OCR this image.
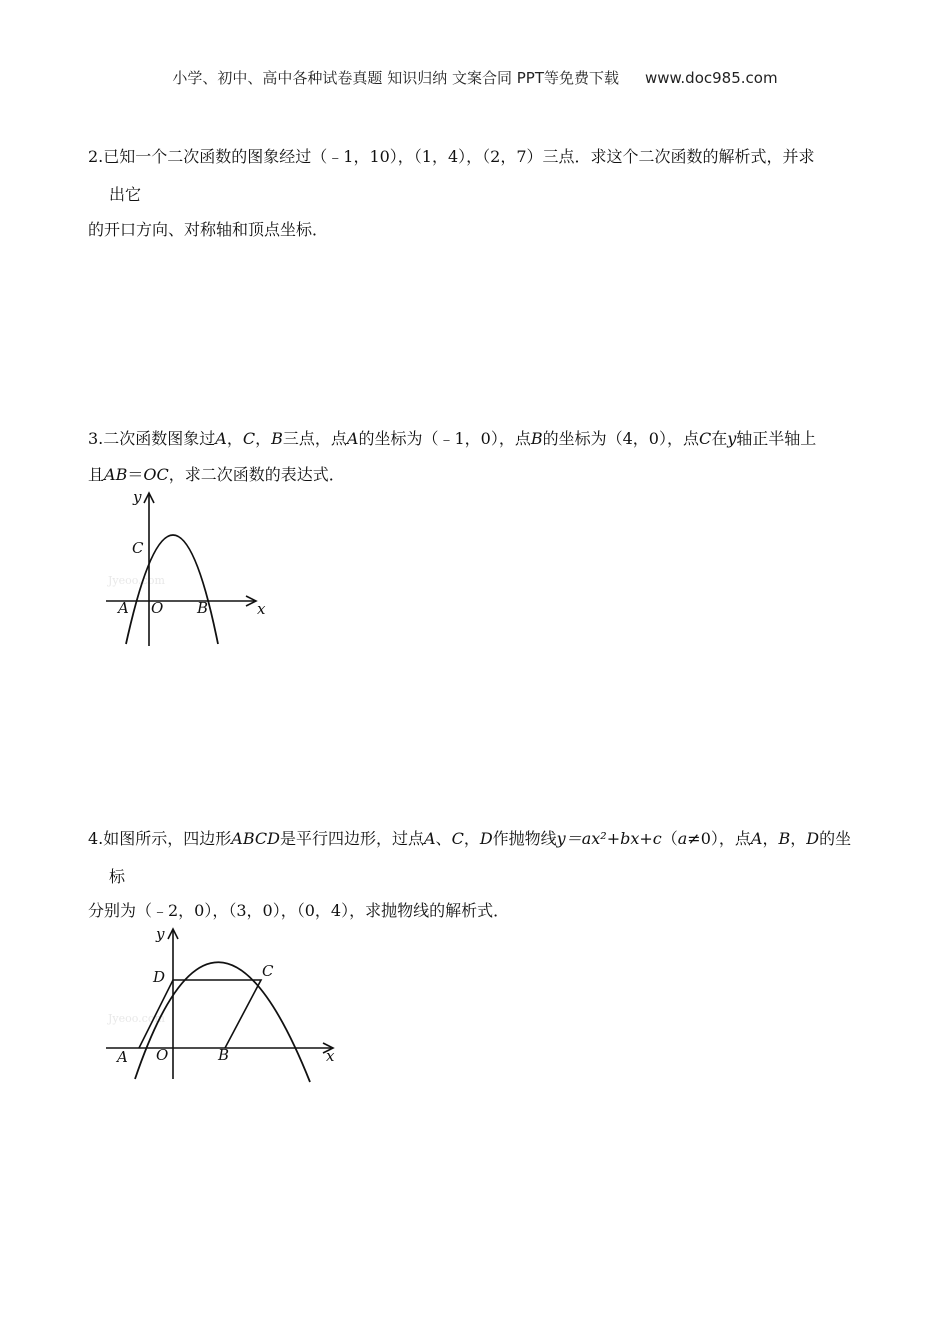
小学、初中、高中各种试卷真题 知识归纳 文案合同 PPT等免费下载 www.doc985.com
2.已知一个二次函数的图象经过（﹣1，10），（1，4），（2，7）三点．求这个二次函数的解析式，并求
出它
的开口方向、对称轴和顶点坐标．
3.二次函数图象过A，C，B三点，点A的坐标为（﹣1，0），点B的坐标为（4，0），点C在y轴正半轴上
且AB＝OC，求二次函数的表达式．
Jyeoo.com
y
x
C
A O B
4.如图所示，四边形ABCD是平行四边形，过点A、C，D作抛物线y＝ax²+bx+c（a≠0），点A，B，D的坐
标
分别为（﹣2，0），（3，0），（0，4），求抛物线的解析式．
Jyeoo.com
y
x
D	C
A O	B
